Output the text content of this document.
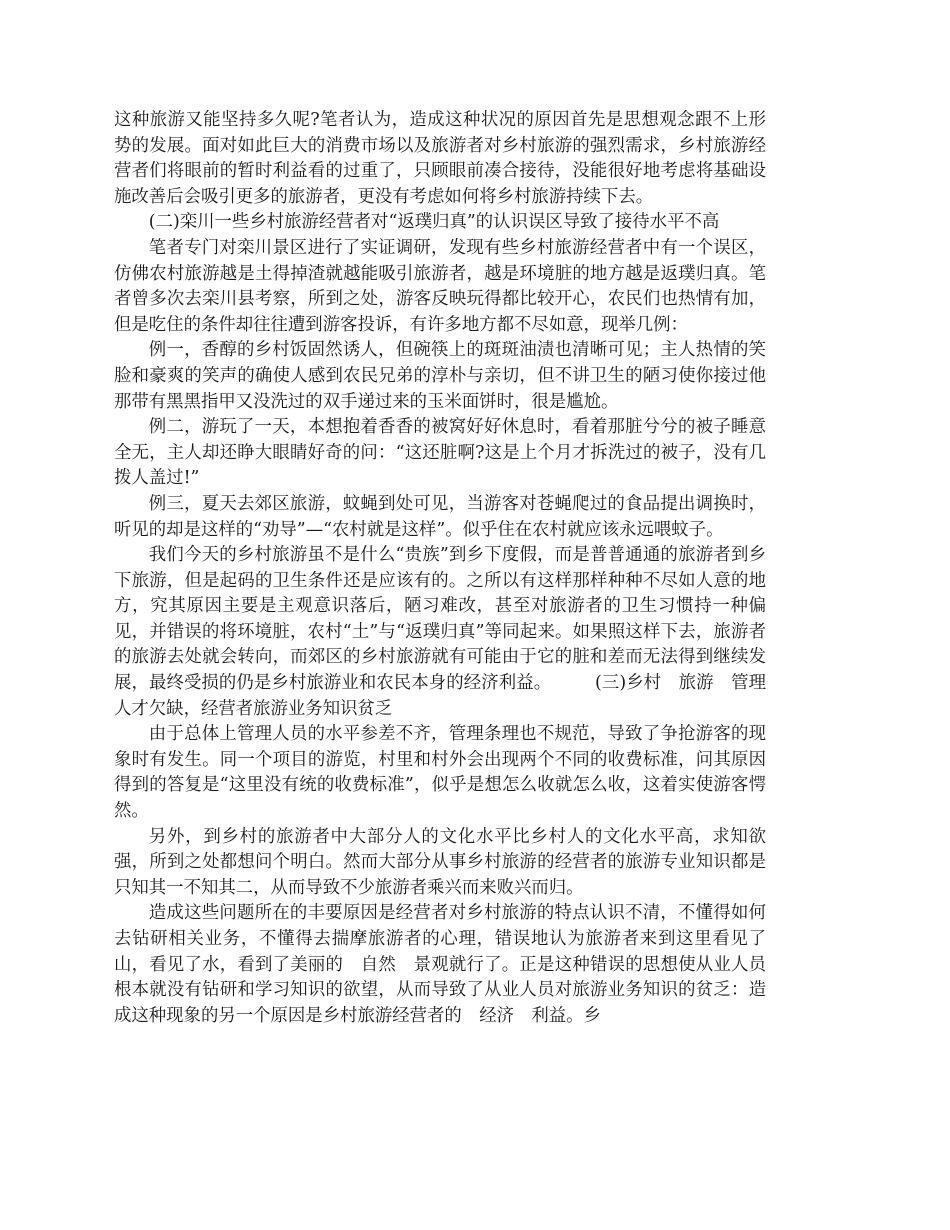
这种旅游又能坚持多久呢?笔者认为，造成这种状况的原因首先是思想观念跟不上形势的发展。面对如此巨大的消费市场以及旅游者对乡村旅游的强烈需求，乡村旅游经营者们将眼前的暂时利益看的过重了，只顾眼前凑合接待，没能很好地考虑将基础设施改善后会吸引更多的旅游者，更没有考虑如何将乡村旅游持续下去。

(二)栾川一些乡村旅游经营者对“返璞归真”的认识误区导致了接待水平不高

笔者专门对栾川景区进行了实证调研，发现有些乡村旅游经营者中有一个误区，仿佛农村旅游越是土得掉渣就越能吸引旅游者，越是环境脏的地方越是返璞归真。笔者曾多次去栾川县考察，所到之处，游客反映玩得都比较开心，农民们也热情有加，但是吃住的条件却往往遭到游客投诉，有许多地方都不尽如意，现举几例：

例一，香醇的乡村饭固然诱人，但碗筷上的斑斑油渍也清晰可见；主人热情的笑脸和豪爽的笑声的确使人感到农民兄弟的淳朴与亲切，但不讲卫生的陋习使你接过他那带有黑黑指甲又没洗过的双手递过来的玉米面饼时，很是尴尬。

例二，游玩了一天，本想抱着香香的被窝好好休息时，看着那脏兮兮的被子睡意全无，主人却还睁大眼睛好奇的问：“这还脏啊?这是上个月才拆洗过的被子，没有几拨人盖过!”

例三，夏天去郊区旅游，蚊蝇到处可见，当游客对苍蝇爬过的食品提出调换时，听见的却是这样的“劝导”—“农村就是这样”。似乎住在农村就应该永远喂蚊子。

我们今天的乡村旅游虽不是什么“贵族”到乡下度假，而是普普通通的旅游者到乡下旅游，但是起码的卫生条件还是应该有的。之所以有这样那样种种不尽如人意的地方，究其原因主要是主观意识落后，陋习难改，甚至对旅游者的卫生习惯持一种偏见，并错误的将环境脏，农村“土”与“返璞归真”等同起来。如果照这样下去，旅游者的旅游去处就会转向，而郊区的乡村旅游就有可能由于它的脏和差而无法得到继续发展，最终受损的仍是乡村旅游业和农民本身的经济利益。　　　(三)乡村　旅游　管理人才欠缺，经营者旅游业务知识贫乏

由于总体上管理人员的水平参差不齐，管理条理也不规范，导致了争抢游客的现象时有发生。同一个项目的游览，村里和村外会出现两个不同的收费标准，问其原因得到的答复是“这里没有统的收费标准”，似乎是想怎么收就怎么收，这着实使游客愕然。

另外，到乡村的旅游者中大部分人的文化水平比乡村人的文化水平高，求知欲强，所到之处都想问个明白。然而大部分从事乡村旅游的经营者的旅游专业知识都是只知其一不知其二，从而导致不少旅游者乘兴而来败兴而归。

造成这些问题所在的丰要原因是经营者对乡村旅游的特点认识不清，不懂得如何去钻研相关业务，不懂得去揣摩旅游者的心理，错误地认为旅游者来到这里看见了山，看见了水，看到了美丽的　自然　景观就行了。正是这种错误的思想使从业人员根本就没有钻研和学习知识的欲望，从而导致了从业人员对旅游业务知识的贫乏：造成这种现象的另一个原因是乡村旅游经营者的　经济　利益。乡
